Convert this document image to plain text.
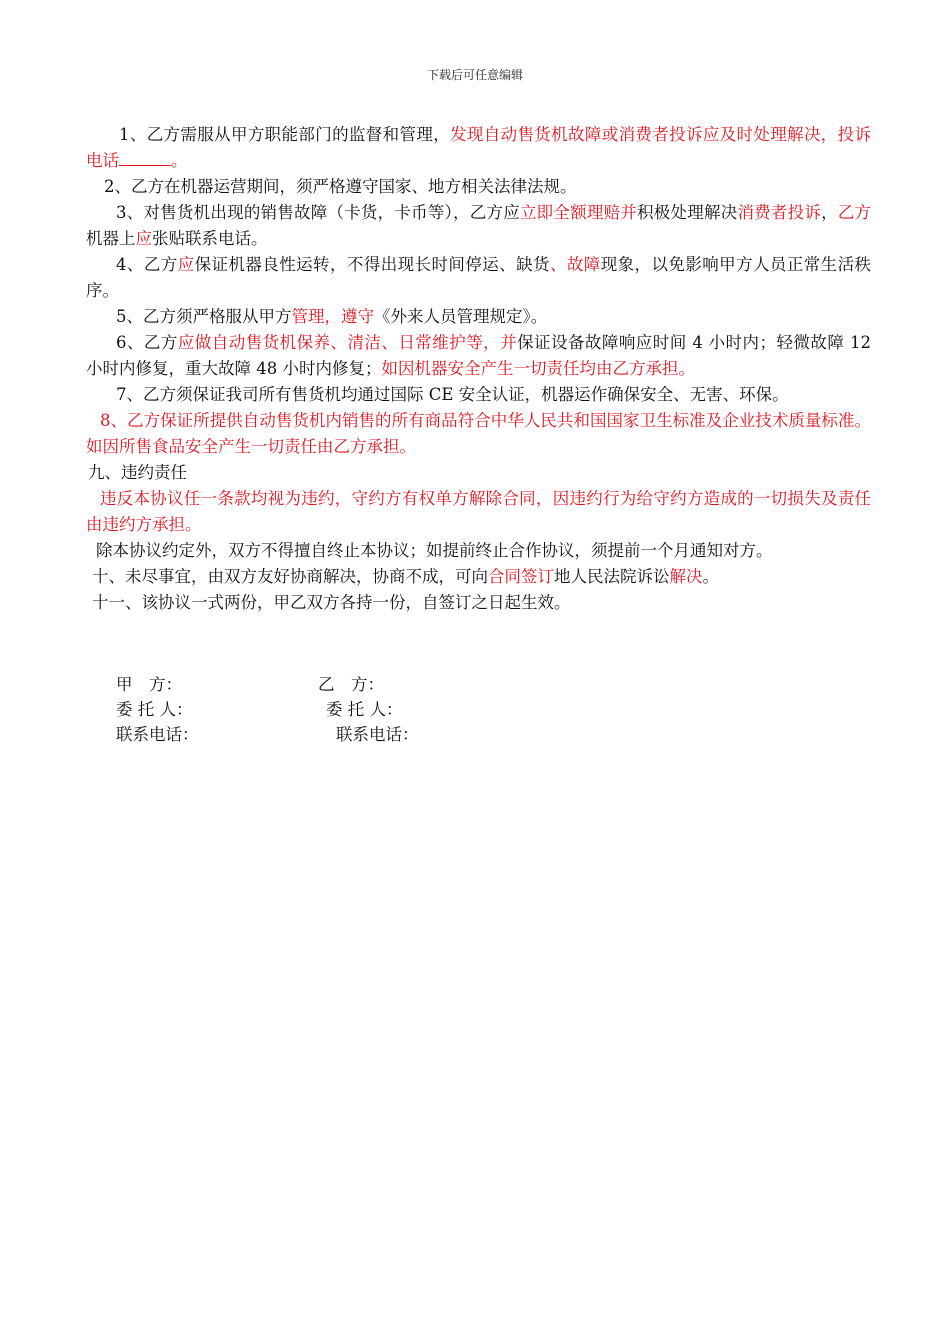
下载后可任意编辑

1、乙方需服从甲方职能部门的监督和管理，发现自动售货机故障或消费者投诉应及时处理解决，投诉电话	。

2、乙方在机器运营期间，须严格遵守国家、地方相关法律法规。

3、对售货机出现的销售故障（卡货，卡币等），乙方应立即全额理赔并积极处理解决消费者投诉，乙方机器上应张贴联系电话。

4、乙方应保证机器良性运转，不得出现长时间停运、缺货、故障现象，以免影响甲方人员正常生活秩序。

5、乙方须严格服从甲方管理，遵守《外来人员管理规定》。

6、乙方应做自动售货机保养、清洁、日常维护等，并保证设备故障响应时间 4 小时内；轻微故障 12 小时内修复，重大故障 48 小时内修复；如因机器安全产生一切责任均由乙方承担。

7、乙方须保证我司所有售货机均通过国际 CE 安全认证，机器运作确保安全、无害、环保。

8、乙方保证所提供自动售货机内销售的所有商品符合中华人民共和国国家卫生标准及企业技术质量标准。如因所售食品安全产生一切责任由乙方承担。

九、违约责任

违反本协议任一条款均视为违约，守约方有权单方解除合同，因违约行为给守约方造成的一切损失及责任由违约方承担。

除本协议约定外，双方不得擅自终止本协议；如提前终止合作协议，须提前一个月通知对方。

十、未尽事宜，由双方友好协商解决，协商不成，可向合同签订地人民法院诉讼解决。

十一、该协议一式两份，甲乙双方各持一份，自签订之日起生效。

甲　方：	乙　方：
委 托 人：	委 托 人：
联系电话：	联系电话：
